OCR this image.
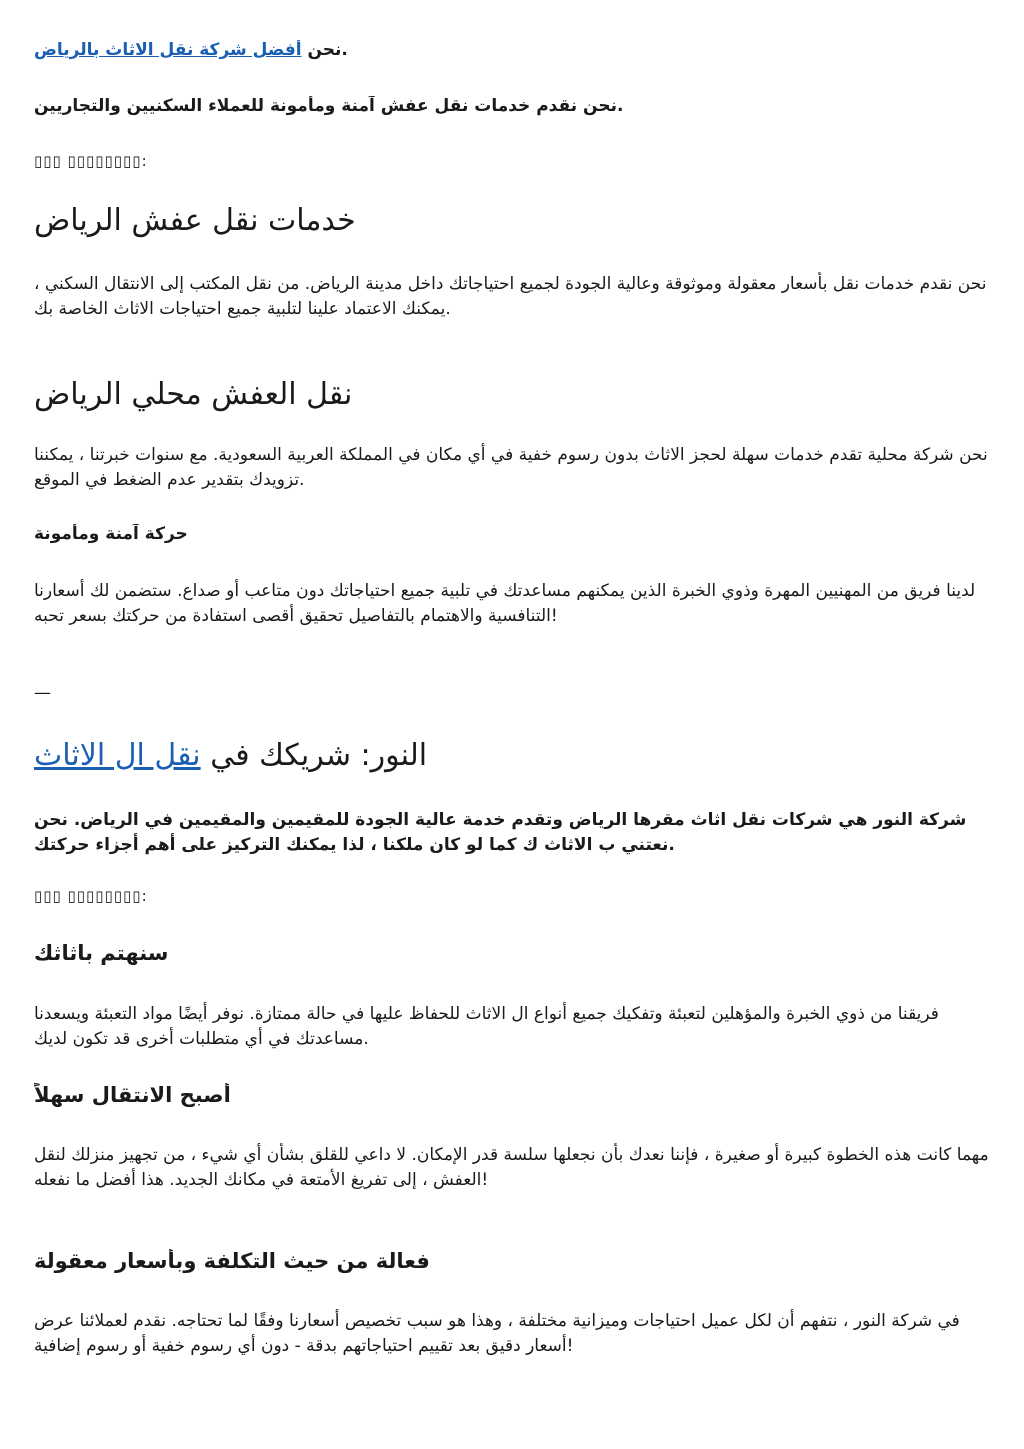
نحن أفضل شركة نقل الاثاث بالرياض .

نحن نقدم خدمات نقل عفش آمنة ومأمونة للعملاء السكنيين والتجاريين.

▯▯▯ ▯▯▯▯▯▯▯▯:

خدمات نقل عفش الرياض

نحن نقدم خدمات نقل بأسعار معقولة وموثوقة وعالية الجودة لجميع احتياجاتك داخل مدينة الرياض. من نقل المكتب إلى الانتقال السكني ، يمكنك الاعتماد علينا لتلبية جميع احتياجات الاثاث الخاصة بك.

نقل العفش محلي الرياض

نحن شركة محلية تقدم خدمات سهلة لحجز الاثاث بدون رسوم خفية في أي مكان في المملكة العربية السعودية. مع سنوات خبرتنا ، يمكننا تزويدك بتقدير عدم الضغط في الموقع.

حركة آمنة ومأمونة

لدينا فريق من المهنيين المهرة وذوي الخبرة الذين يمكنهم مساعدتك في تلبية جميع احتياجاتك دون متاعب أو صداع. ستضمن لك أسعارنا التنافسية والاهتمام بالتفاصيل تحقيق أقصى استفادة من حركتك بسعر تحبه!

—

النور: شريكك في نقل ال الاثاث

شركة النور هي شركات نقل اثاث مقرها الرياض وتقدم خدمة عالية الجودة للمقيمين والمقيمين في الرياض. نحن نعتني ب الاثاث ك كما لو كان ملكنا ، لذا يمكنك التركيز على أهم أجزاء حركتك.

▯▯▯ ▯▯▯▯▯▯▯▯:

سنهتم باثاثك

فريقنا من ذوي الخبرة والمؤهلين لتعبئة وتفكيك جميع أنواع ال الاثاث للحفاظ عليها في حالة ممتازة. نوفر أيضًا مواد التعبئة ويسعدنا مساعدتك في أي متطلبات أخرى قد تكون لديك.

أصبح الانتقال سهلاً

مهما كانت هذه الخطوة كبيرة أو صغيرة ، فإننا نعدك بأن نجعلها سلسة قدر الإمكان. لا داعي للقلق بشأن أي شيء ، من تجهيز منزلك لنقل العفش ، إلى تفريغ الأمتعة في مكانك الجديد. هذا أفضل ما نفعله!

فعالة من حيث التكلفة وبأسعار معقولة

في شركة النور ، نتفهم أن لكل عميل احتياجات وميزانية مختلفة ، وهذا هو سبب تخصيص أسعارنا وفقًا لما تحتاجه. نقدم لعملائنا عرض أسعار دقيق بعد تقييم احتياجاتهم بدقة - دون أي رسوم خفية أو رسوم إضافية!
